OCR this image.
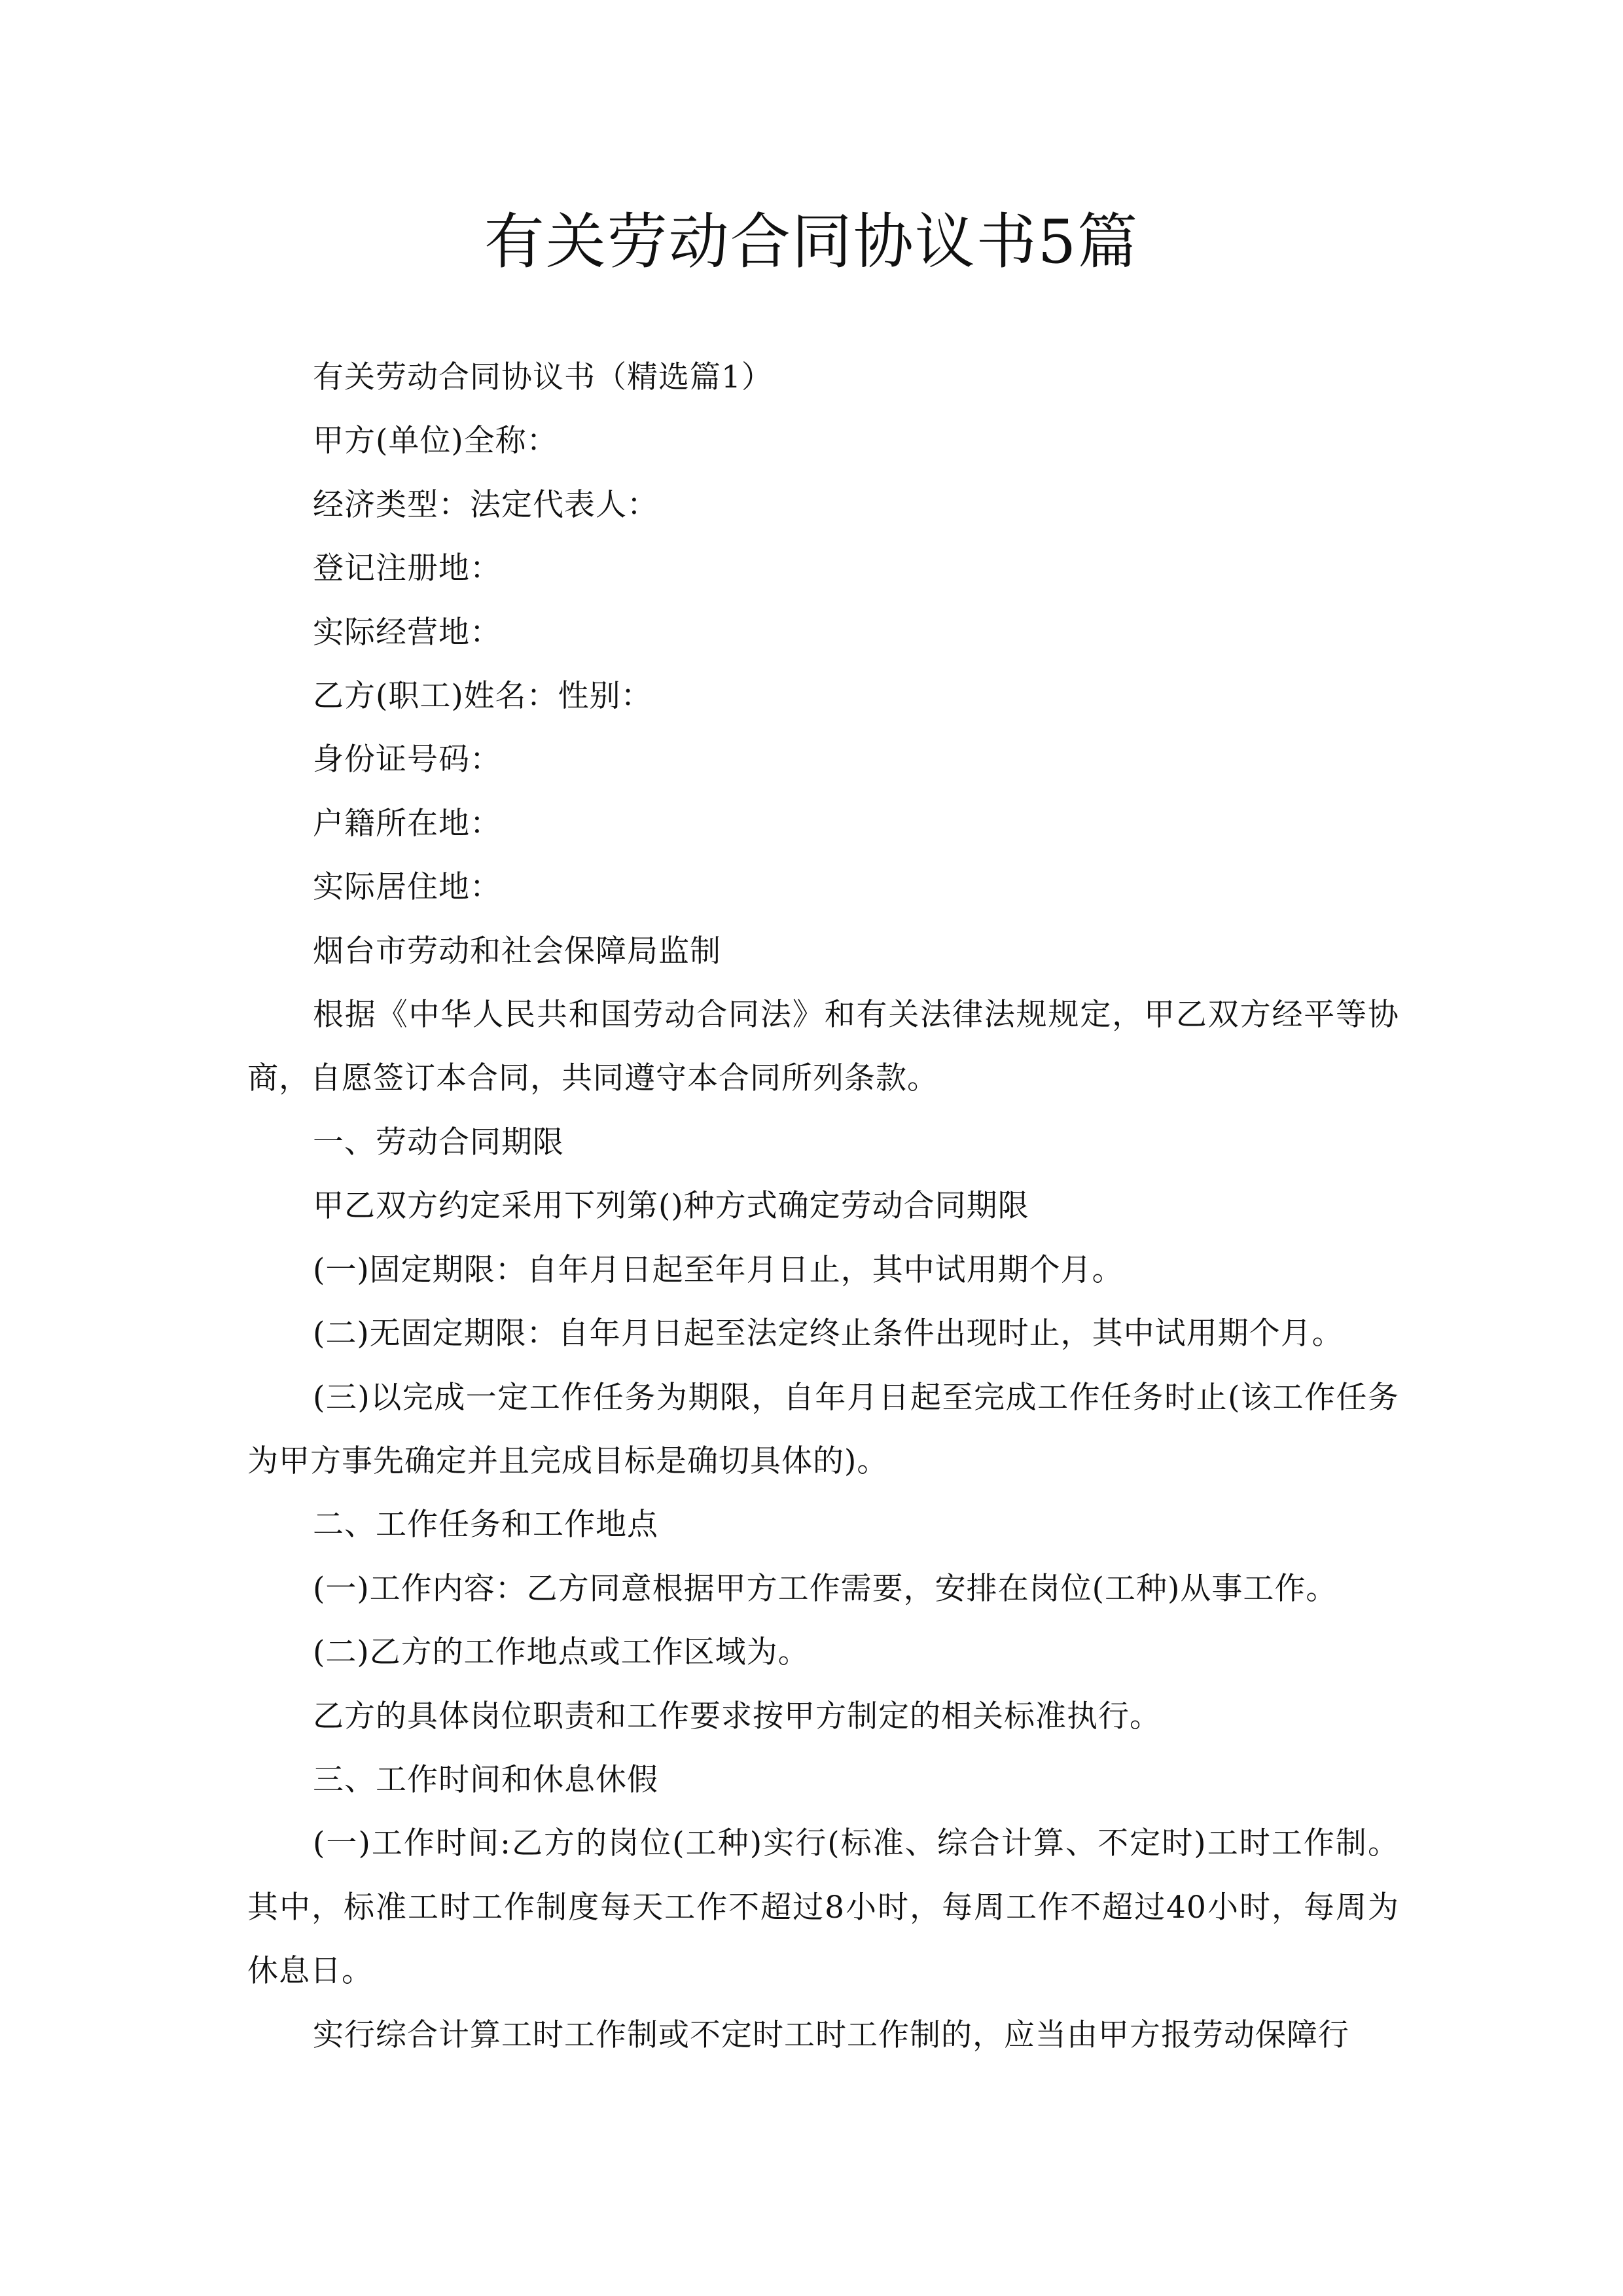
有关劳动合同协议书5篇

有关劳动合同协议书（精选篇1）

甲方(单位)全称：

经济类型：法定代表人：

登记注册地：

实际经营地：

乙方(职工)姓名：性别：

身份证号码：

户籍所在地：

实际居住地：

烟台市劳动和社会保障局监制

根据《中华人民共和国劳动合同法》和有关法律法规规定，甲乙双方经平等协商，自愿签订本合同，共同遵守本合同所列条款。

一、劳动合同期限

甲乙双方约定采用下列第()种方式确定劳动合同期限

(一)固定期限：自年月日起至年月日止，其中试用期个月。

(二)无固定期限：自年月日起至法定终止条件出现时止，其中试用期个月。

(三)以完成一定工作任务为期限，自年月日起至完成工作任务时止(该工作任务为甲方事先确定并且完成目标是确切具体的)。

二、工作任务和工作地点

(一)工作内容：乙方同意根据甲方工作需要，安排在岗位(工种)从事工作。

(二)乙方的工作地点或工作区域为。

乙方的具体岗位职责和工作要求按甲方制定的相关标准执行。

三、工作时间和休息休假

(一)工作时间:乙方的岗位(工种)实行(标准、综合计算、不定时)工时工作制。其中，标准工时工作制度每天工作不超过8小时，每周工作不超过40小时，每周为休息日。

实行综合计算工时工作制或不定时工时工作制的，应当由甲方报劳动保障行
